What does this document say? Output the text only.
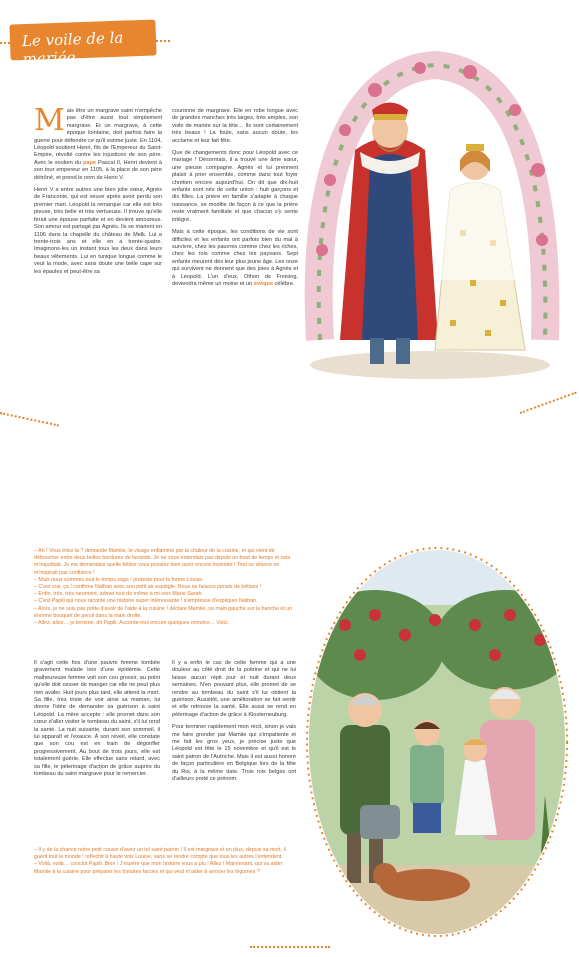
Le voile de la mariée

Mais être un margrave saint n'empêche pas d'être aussi tout simplement margrave. Et un margrave, à cette époque lointaine, doit parfois faire la guerre pour défendre ce qu'il estime juste. En 1104, Léopold soutient Henri, fils de l'Empereur du Saint-Empire, révolté contre les injustices de son père. Avec le soutien du pape Pascal II, Henri devient à son tour empereur en 1105, à la place de son père détrôné, et prend le nom de Henri V.

Henri V a entre autres une bien jolie sœur, Agnès de Franconie, qui est veuve après avoir perdu son premier mari. Léopold la remarque car elle est très pieuse, très belle et très vertueuse. Il trouve qu'elle ferait une épouse parfaite et en devient amoureux. Son amour est partagé par Agnès. Ils se marient en 1106 dans la chapelle du château de Melk. Lui a trente-trois ans et elle en a trente-quatre. Imaginons-les un instant tous les deux dans leurs beaux vêtements. Lui en tunique longue comme le veut la mode, avec sans doute une belle cape sur les épaules et peut-être sa

couronne de margrave. Elle en robe longue avec de grandes manches très larges, très amples, son voile de mariée sur la tête… Ils sont certainement très beaux ! La foule, sans aucun doute, les acclame et leur fait fête.

Que de changements donc pour Léopold avec ce mariage ! Désormais, il a trouvé une âme sœur, une pieuse compagne. Agnès et lui prennent plaisir à prier ensemble, comme dans tout foyer chrétien encore aujourd'hui. On dit que dix-huit enfants sont nés de cette union : huit garçons et dix filles. La prière en famille s'adapte à chaque naissance, se modifie de façon à ce que la prière reste vraiment familiale et que chacun s'y sente intégré.

Mais à cette époque, les conditions de vie sont difficiles et les enfants ont parfois bien du mal à survivre, chez les pauvres comme chez les riches, chez les rois comme chez les paysans. Sept enfants meurent dès leur plus jeune âge. Les onze qui survivent ne donnent que des joies à Agnès et à Léopold. L'un d'eux, Othon de Freising, deviendra même un moine et un évêque célèbre.

– Ah ! Vous étiez là ? demande Mamiie, le visage enflammé par la chaleur de la cuisine, et qui vient de déboucher entre deux belles bordures de lavande. Je ne vous entendais pas depuis un bout de temps et cela m'inquiétait. Je me demandais quelle bêtise vous pouviez bien avoir encore inventée ! Tout ce silence ne m'inspirait pas confiance !

– Mais nous sommes tout le temps sage ! proteste pour la forme Louise.

– C'est vrai, ça ! confirme Nathan avec son petit air espiègle. Nous ne faisons jamais de bêtises !

– Enfin, très, très rarement, admet tout de même à mi-voix Marie-Sarah.

– C'est Papili qui nous raconte une histoire super intéressante ! s'empresse d'expliquer Nathan.

– Alors, je ne suis pas prête d'avoir de l'aide à la cuisine ! déclare Mamiie, sa main gauche sur la hanche et un énorme bouquet de persil dans la main droite.

– Allez, allez… je termine, dit Papili. Accorde-moi encore quelques minutes… Voici.

Il s'agit cette fois d'une pauvre femme tombée gravement malade lors d'une épidémie. Cette malheureuse femme voit son cou grossir, au point qu'elle doit cesser de manger car elle ne peut plus rien avaler. Huit jours plus tard, elle attend la mort. Sa fille, très triste de voir ainsi sa maman, lui donne l'idée de demander sa guérison à saint Léopold. La mère accepte : elle promet dans son cœur d'aller visiter le tombeau du saint, s'il lui rend la santé. La nuit suivante, durant son sommeil, il lui apparaît et l'exauce. À son réveil, elle constate que son cou est en train de dégonfler progressivement. Au bout de trois jours, elle est totalement guérie. Elle effectue sans retard, avec sa fille, le pèlerinage d'action de grâce auprès du tombeau du saint margrave pour le remercier.

Il y a enfin le cas de cette femme qui a une douleur au côté droit de la poitrine et qui ne lui laisse aucun répit jour et nuit durant deux semaines. N'en pouvant plus, elle promet de se rendre au tombeau du saint s'il lui obtient la guérison. Aussitôt, une amélioration se fait sentir et elle retrouve la santé. Elle aussi se rend en pèlerinage d'action de grâce à Klosterneuburg.

Pour terminer rapidement mon récit, sinon je vais me faire gronder par Mamiie qui s'impatiente et me fait les gros yeux, je précise juste que Léopold est fêté le 15 novembre et qu'il est le saint patron de l'Autriche. Mais il est aussi honoré de façon particulière en Belgique lors de la fête du Roi, à la même date. Trois rois belges ont d'ailleurs porté ce prénom.

– Il y de la chance notre petit cousin d'avoir un tel saint patron ! Il est margrave et en plus, depuis sa mort, il guérit tout le monde ! reflechit à haute voix Louise, sans se rendre compte que tous les autres l'entendent.

– Voilà, voilà… conclut Papili. Bien ! J'espère que mon histoire vous a plu ! Allez ! Maintenant, qui va aider Mamiie à la cuisine pour préparer les tomates farcies et qui veut m'aider à arroser les légumes ?
